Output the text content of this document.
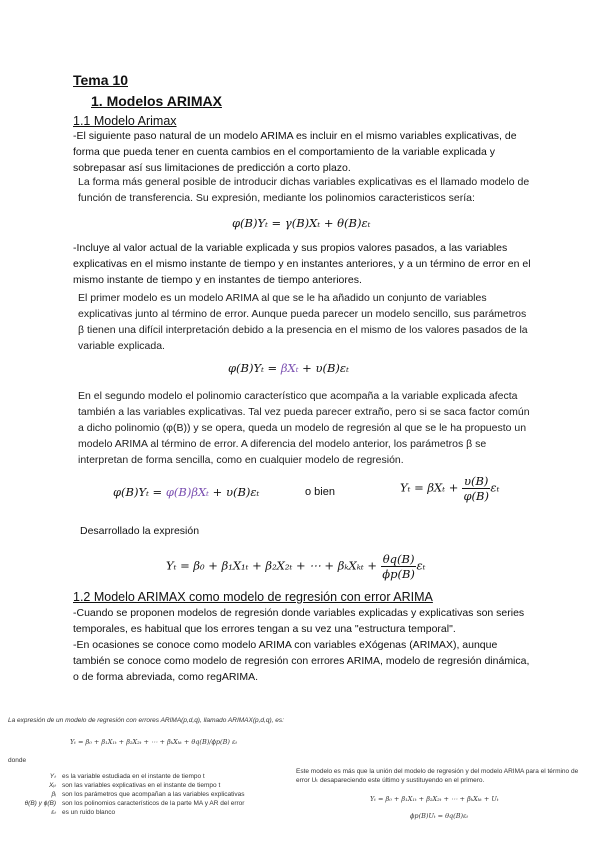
Tema 10
1. Modelos ARIMAX
1.1 Modelo Arimax
-El siguiente paso natural de un modelo ARIMA es incluir en el mismo variables explicativas, de forma que pueda tener en cuenta cambios en el comportamiento de la variable explicada y sobrepasar así sus limitaciones de predicción a corto plazo.
La forma más general posible de introducir dichas variables explicativas es el llamado modelo de función de transferencia. Su expresión, mediante los polinomios caracteristicos sería:
φ(B)Yₜ = γ(B)Xₜ + θ(B)εₜ
-Incluye al valor actual de la variable explicada y sus propios valores pasados, a las variables explicativas en el mismo instante de tiempo y en instantes anteriores, y a un término de error en el mismo instante de tiempo y en instantes de tiempo anteriores.
El primer modelo es un modelo ARIMA al que se le ha añadido un conjunto de variables explicativas junto al término de error. Aunque pueda parecer un modelo sencillo, sus parámetros β tienen una difícil interpretación debido a la presencia en el mismo de los valores pasados de la variable explicada.
φ(B)Yₜ = βXₜ + υ(B)εₜ
En el segundo modelo el polinomio característico que acompaña a la variable explicada afecta también a las variables explicativas. Tal vez pueda parecer extraño, pero si se saca factor común a dicho polinomio (φ(B)) y se opera, queda un modelo de regresión al que se le ha propuesto un modelo ARIMA al término de error. A diferencia del modelo anterior, los parámetros β se interpretan de forma sencilla, como en cualquier modelo de regresión.
φ(B)Yₜ = φ(B)βXₜ + υ(B)εₜ	o bien	$Y_t = \beta X_t + \frac{\upsilon(B)}{\varphi(B)}$ εₜ
Desarrollado la expresión
Yₜ = β₀ + β₁X₁ₜ + β₂X₂ₜ + ⋯ + $\beta_kX_{kt} + \frac{\theta q(B)}{\phi p(B)}$ εₜ
1.2 Modelo ARIMAX como modelo de regresión con error ARIMA
-Cuando se proponen modelos de regresión donde variables explicadas y explicativas son series temporales, es habitual que los errores tengan a su vez una "estructura temporal".
-En ocasiones se conoce como modelo ARIMA con variables eXógenas (ARIMAX), aunque también se conoce como modelo de regresión con errores ARIMA, modelo de regresión dinámica, o de forma abreviada, como regARIMA.
La expresión de un modelo de regresión con errores ARIMA(p,d,q), llamado ARIMAX(p,d,q), es:
Yₜ = β₀ + β₁X₁ₜ + β₂X₂ₜ + ⋯ + βₖXₖₜ + θq(B)/ϕp(B) εₜ
donde
Yₜ es la variable estudiada en el instante de tiempo t
Xᵢₜ son las variables explicativas en el instante de tiempo t
βᵢ son los parámetros que acompañan a las variables explicativas
θ(B) y ϕ(B) son los polinomios característicos de la parte MA y AR del error
εₜ es un ruido blanco
Este modelo es más que la unión del modelo de regresión y del modelo ARIMA para el término de error Uₜ desapareciendo este último y sustituyendo en el primero.
Yₜ = β₀ + β₁X₁ₜ + β₂X₂ₜ + ⋯ + βₖXₖₜ + Uₜ
ϕp(B)Uₜ = θq(B)εₜ
